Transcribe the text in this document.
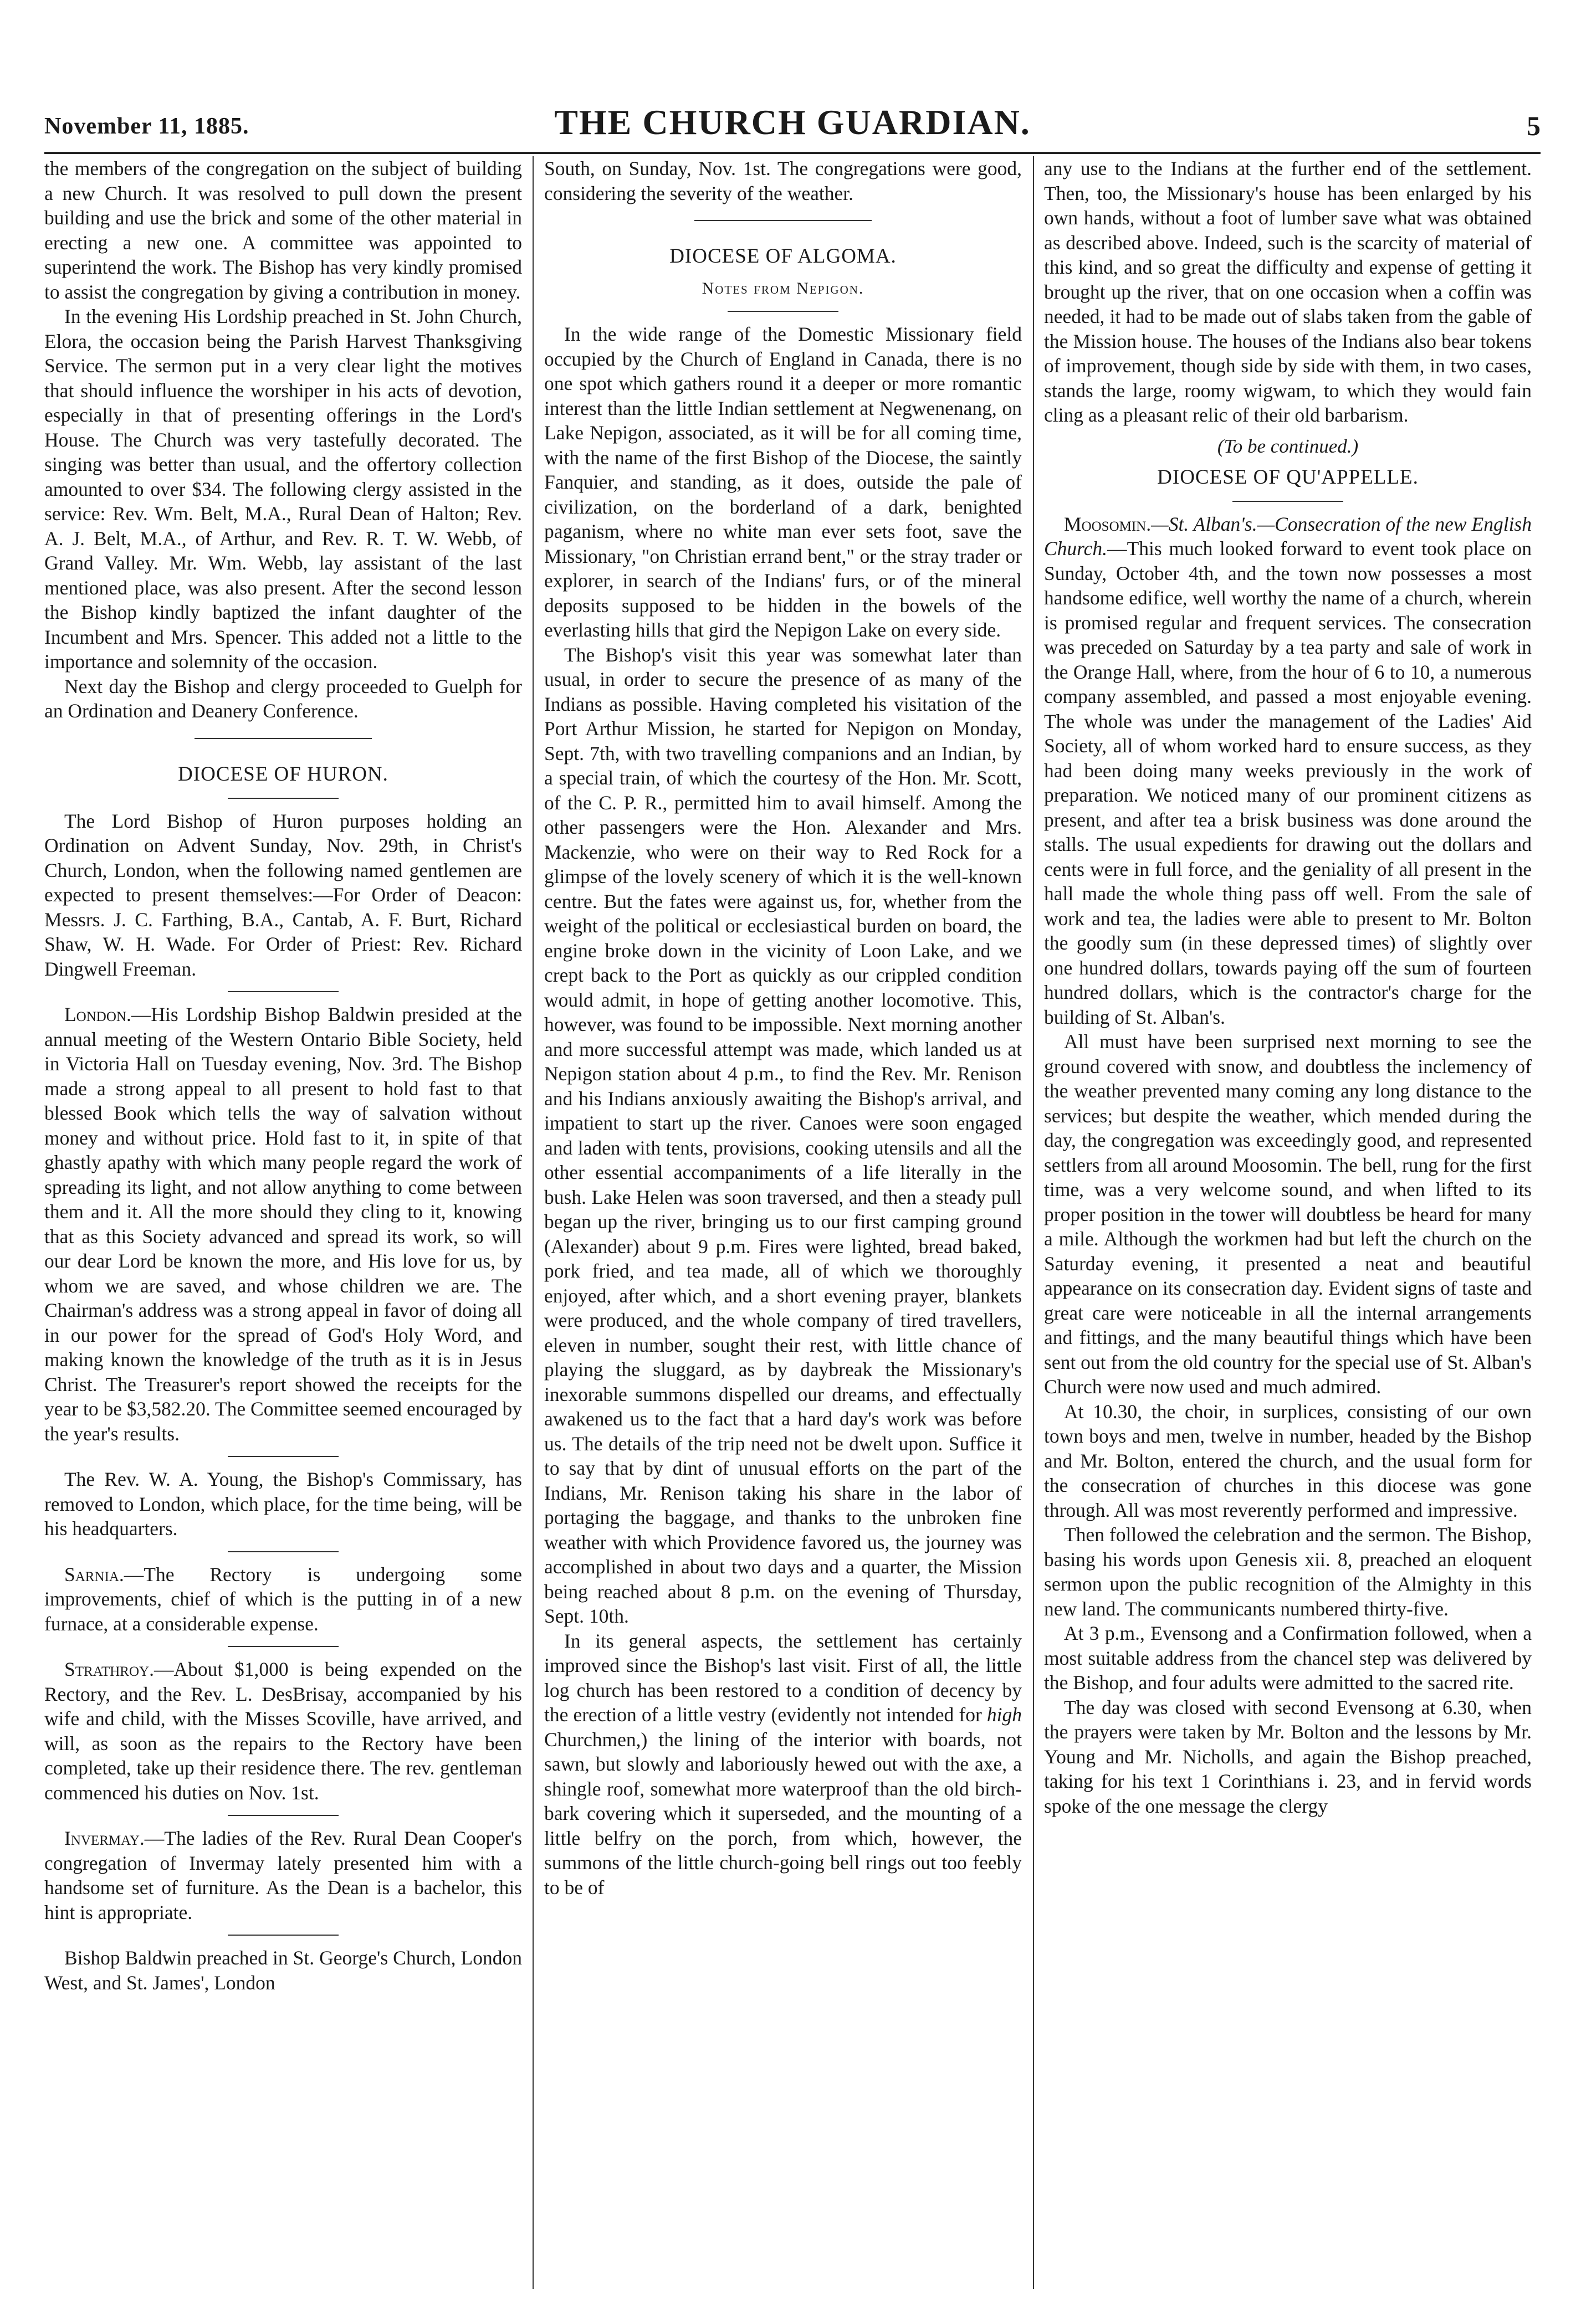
November 11, 1885.	THE CHURCH GUARDIAN.	5

the members of the congregation on the subject of building a new Church. It was resolved to pull down the present building and use the brick and some of the other material in erecting a new one. A committee was appointed to superintend the work. The Bishop has very kindly promised to assist the congregation by giving a contribution in money.

In the evening His Lordship preached in St. John Church, Elora, the occasion being the Parish Harvest Thanksgiving Service. The sermon put in a very clear light the motives that should influence the worshiper in his acts of devotion, especially in that of presenting offerings in the Lord's House. The Church was very tastefully decorated. The singing was better than usual, and the offertory collection amounted to over $34. The following clergy assisted in the service: Rev. Wm. Belt, M.A., Rural Dean of Halton; Rev. A. J. Belt, M.A., of Arthur, and Rev. R. T. W. Webb, of Grand Valley. Mr. Wm. Webb, lay assistant of the last mentioned place, was also present. After the second lesson the Bishop kindly baptized the infant daughter of the Incumbent and Mrs. Spencer. This added not a little to the importance and solemnity of the occasion.

Next day the Bishop and clergy proceeded to Guelph for an Ordination and Deanery Conference.

DIOCESE OF HURON.

The Lord Bishop of Huron purposes holding an Ordination on Advent Sunday, Nov. 29th, in Christ's Church, London, when the following named gentlemen are expected to present themselves:—For Order of Deacon: Messrs. J. C. Farthing, B.A., Cantab, A. F. Burt, Richard Shaw, W. H. Wade. For Order of Priest: Rev. Richard Dingwell Freeman.

London.—His Lordship Bishop Baldwin presided at the annual meeting of the Western Ontario Bible Society, held in Victoria Hall on Tuesday evening, Nov. 3rd. The Bishop made a strong appeal to all present to hold fast to that blessed Book which tells the way of salvation without money and without price. Hold fast to it, in spite of that ghastly apathy with which many people regard the work of spreading its light, and not allow anything to come between them and it. All the more should they cling to it, knowing that as this Society advanced and spread its work, so will our dear Lord be known the more, and His love for us, by whom we are saved, and whose children we are. The Chairman's address was a strong appeal in favor of doing all in our power for the spread of God's Holy Word, and making known the knowledge of the truth as it is in Jesus Christ. The Treasurer's report showed the receipts for the year to be $3,582.20. The Committee seemed encouraged by the year's results.

The Rev. W. A. Young, the Bishop's Commissary, has removed to London, which place, for the time being, will be his headquarters.

Sarnia.—The Rectory is undergoing some improvements, chief of which is the putting in of a new furnace, at a considerable expense.

Strathroy.—About $1,000 is being expended on the Rectory, and the Rev. L. DesBrisay, accompanied by his wife and child, with the Misses Scoville, have arrived, and will, as soon as the repairs to the Rectory have been completed, take up their residence there. The rev. gentleman commenced his duties on Nov. 1st.

Invermay.—The ladies of the Rev. Rural Dean Cooper's congregation of Invermay lately presented him with a handsome set of furniture. As the Dean is a bachelor, this hint is appropriate.

Bishop Baldwin preached in St. George's Church, London West, and St. James', London

South, on Sunday, Nov. 1st. The congregations were good, considering the severity of the weather.

DIOCESE OF ALGOMA.
Notes from Nepigon.

In the wide range of the Domestic Missionary field occupied by the Church of England in Canada, there is no one spot which gathers round it a deeper or more romantic interest than the little Indian settlement at Negwenenang, on Lake Nepigon, associated, as it will be for all coming time, with the name of the first Bishop of the Diocese, the saintly Fanquier, and standing, as it does, outside the pale of civilization, on the borderland of a dark, benighted paganism, where no white man ever sets foot, save the Missionary, "on Christian errand bent," or the stray trader or explorer, in search of the Indians' furs, or of the mineral deposits supposed to be hidden in the bowels of the everlasting hills that gird the Nepigon Lake on every side.

The Bishop's visit this year was somewhat later than usual, in order to secure the presence of as many of the Indians as possible. Having completed his visitation of the Port Arthur Mission, he started for Nepigon on Monday, Sept. 7th, with two travelling companions and an Indian, by a special train, of which the courtesy of the Hon. Mr. Scott, of the C. P. R., permitted him to avail himself. Among the other passengers were the Hon. Alexander and Mrs. Mackenzie, who were on their way to Red Rock for a glimpse of the lovely scenery of which it is the well-known centre. But the fates were against us, for, whether from the weight of the political or ecclesiastical burden on board, the engine broke down in the vicinity of Loon Lake, and we crept back to the Port as quickly as our crippled condition would admit, in hope of getting another locomotive. This, however, was found to be impossible. Next morning another and more successful attempt was made, which landed us at Nepigon station about 4 p.m., to find the Rev. Mr. Renison and his Indians anxiously awaiting the Bishop's arrival, and impatient to start up the river. Canoes were soon engaged and laden with tents, provisions, cooking utensils and all the other essential accompaniments of a life literally in the bush. Lake Helen was soon traversed, and then a steady pull began up the river, bringing us to our first camping ground (Alexander) about 9 p.m. Fires were lighted, bread baked, pork fried, and tea made, all of which we thoroughly enjoyed, after which, and a short evening prayer, blankets were produced, and the whole company of tired travellers, eleven in number, sought their rest, with little chance of playing the sluggard, as by daybreak the Missionary's inexorable summons dispelled our dreams, and effectually awakened us to the fact that a hard day's work was before us. The details of the trip need not be dwelt upon. Suffice it to say that by dint of unusual efforts on the part of the Indians, Mr. Renison taking his share in the labor of portaging the baggage, and thanks to the unbroken fine weather with which Providence favored us, the journey was accomplished in about two days and a quarter, the Mission being reached about 8 p.m. on the evening of Thursday, Sept. 10th.

In its general aspects, the settlement has certainly improved since the Bishop's last visit. First of all, the little log church has been restored to a condition of decency by the erection of a little vestry (evidently not intended for high Churchmen,) the lining of the interior with boards, not sawn, but slowly and laboriously hewed out with the axe, a shingle roof, somewhat more waterproof than the old birch-bark covering which it superseded, and the mounting of a little belfry on the porch, from which, however, the summons of the little church-going bell rings out too feebly to be of

any use to the Indians at the further end of the settlement. Then, too, the Missionary's house has been enlarged by his own hands, without a foot of lumber save what was obtained as described above. Indeed, such is the scarcity of material of this kind, and so great the difficulty and expense of getting it brought up the river, that on one occasion when a coffin was needed, it had to be made out of slabs taken from the gable of the Mission house. The houses of the Indians also bear tokens of improvement, though side by side with them, in two cases, stands the large, roomy wigwam, to which they would fain cling as a pleasant relic of their old barbarism.

(To be continued.)
DIOCESE OF QU'APPELLE.

Moosomin.—St. Alban's.—Consecration of the new English Church.—This much looked forward to event took place on Sunday, October 4th, and the town now possesses a most handsome edifice, well worthy the name of a church, wherein is promised regular and frequent services. The consecration was preceded on Saturday by a tea party and sale of work in the Orange Hall, where, from the hour of 6 to 10, a numerous company assembled, and passed a most enjoyable evening. The whole was under the management of the Ladies' Aid Society, all of whom worked hard to ensure success, as they had been doing many weeks previously in the work of preparation. We noticed many of our prominent citizens as present, and after tea a brisk business was done around the stalls. The usual expedients for drawing out the dollars and cents were in full force, and the geniality of all present in the hall made the whole thing pass off well. From the sale of work and tea, the ladies were able to present to Mr. Bolton the goodly sum (in these depressed times) of slightly over one hundred dollars, towards paying off the sum of fourteen hundred dollars, which is the contractor's charge for the building of St. Alban's.

All must have been surprised next morning to see the ground covered with snow, and doubtless the inclemency of the weather prevented many coming any long distance to the services; but despite the weather, which mended during the day, the congregation was exceedingly good, and represented settlers from all around Moosomin. The bell, rung for the first time, was a very welcome sound, and when lifted to its proper position in the tower will doubtless be heard for many a mile. Although the workmen had but left the church on the Saturday evening, it presented a neat and beautiful appearance on its consecration day. Evident signs of taste and great care were noticeable in all the internal arrangements and fittings, and the many beautiful things which have been sent out from the old country for the special use of St. Alban's Church were now used and much admired.

At 10.30, the choir, in surplices, consisting of our own town boys and men, twelve in number, headed by the Bishop and Mr. Bolton, entered the church, and the usual form for the consecration of churches in this diocese was gone through. All was most reverently performed and impressive.

Then followed the celebration and the sermon. The Bishop, basing his words upon Genesis xii. 8, preached an eloquent sermon upon the public recognition of the Almighty in this new land. The communicants numbered thirty-five.

At 3 p.m., Evensong and a Confirmation followed, when a most suitable address from the chancel step was delivered by the Bishop, and four adults were admitted to the sacred rite.

The day was closed with second Evensong at 6.30, when the prayers were taken by Mr. Bolton and the lessons by Mr. Young and Mr. Nicholls, and again the Bishop preached, taking for his text 1 Corinthians i. 23, and in fervid words spoke of the one message the clergy
